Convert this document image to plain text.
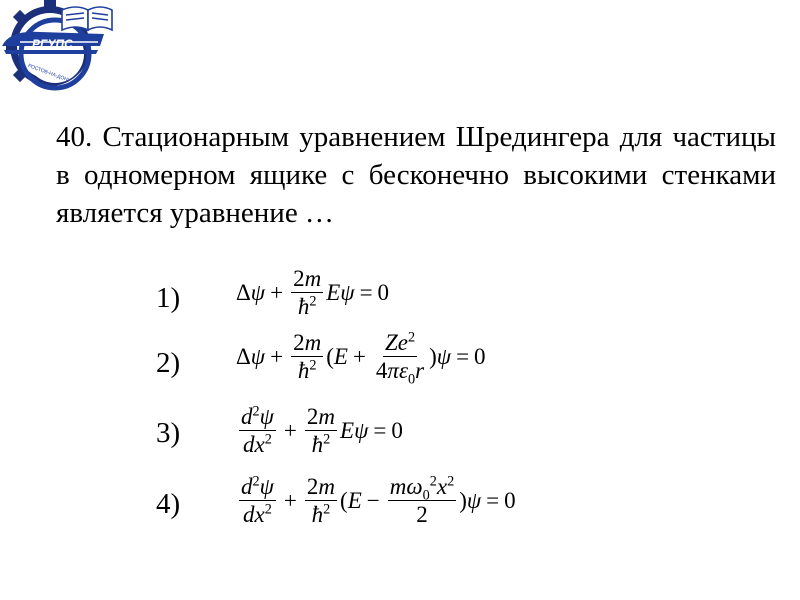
РГУПС
РОСТОВ-НА-ДОНУ
40. Стационарным уравнением Шредингера для частицы в одномерном ящике с бесконечно высокими стенками является уравнение …
1) Δ $\psi + \frac{2m}{ħ^2}$ E ψ = 0
2) Δ $\psi + \frac{2m}{ħ^2}$ ( $E + \frac{Ze^2}{4\pi\varepsilon_0r}$ ) ψ = 0
3)	$\frac{d^2\psi}{dx^2} + \frac{2m}{ħ^2}$ E ψ = 0
4)	$\frac{d^2\psi}{dx^2} + \frac{2m}{ħ^2}$ ( $E - \frac{m\omega_0^2x^2}{2}$ ) ψ = 0
